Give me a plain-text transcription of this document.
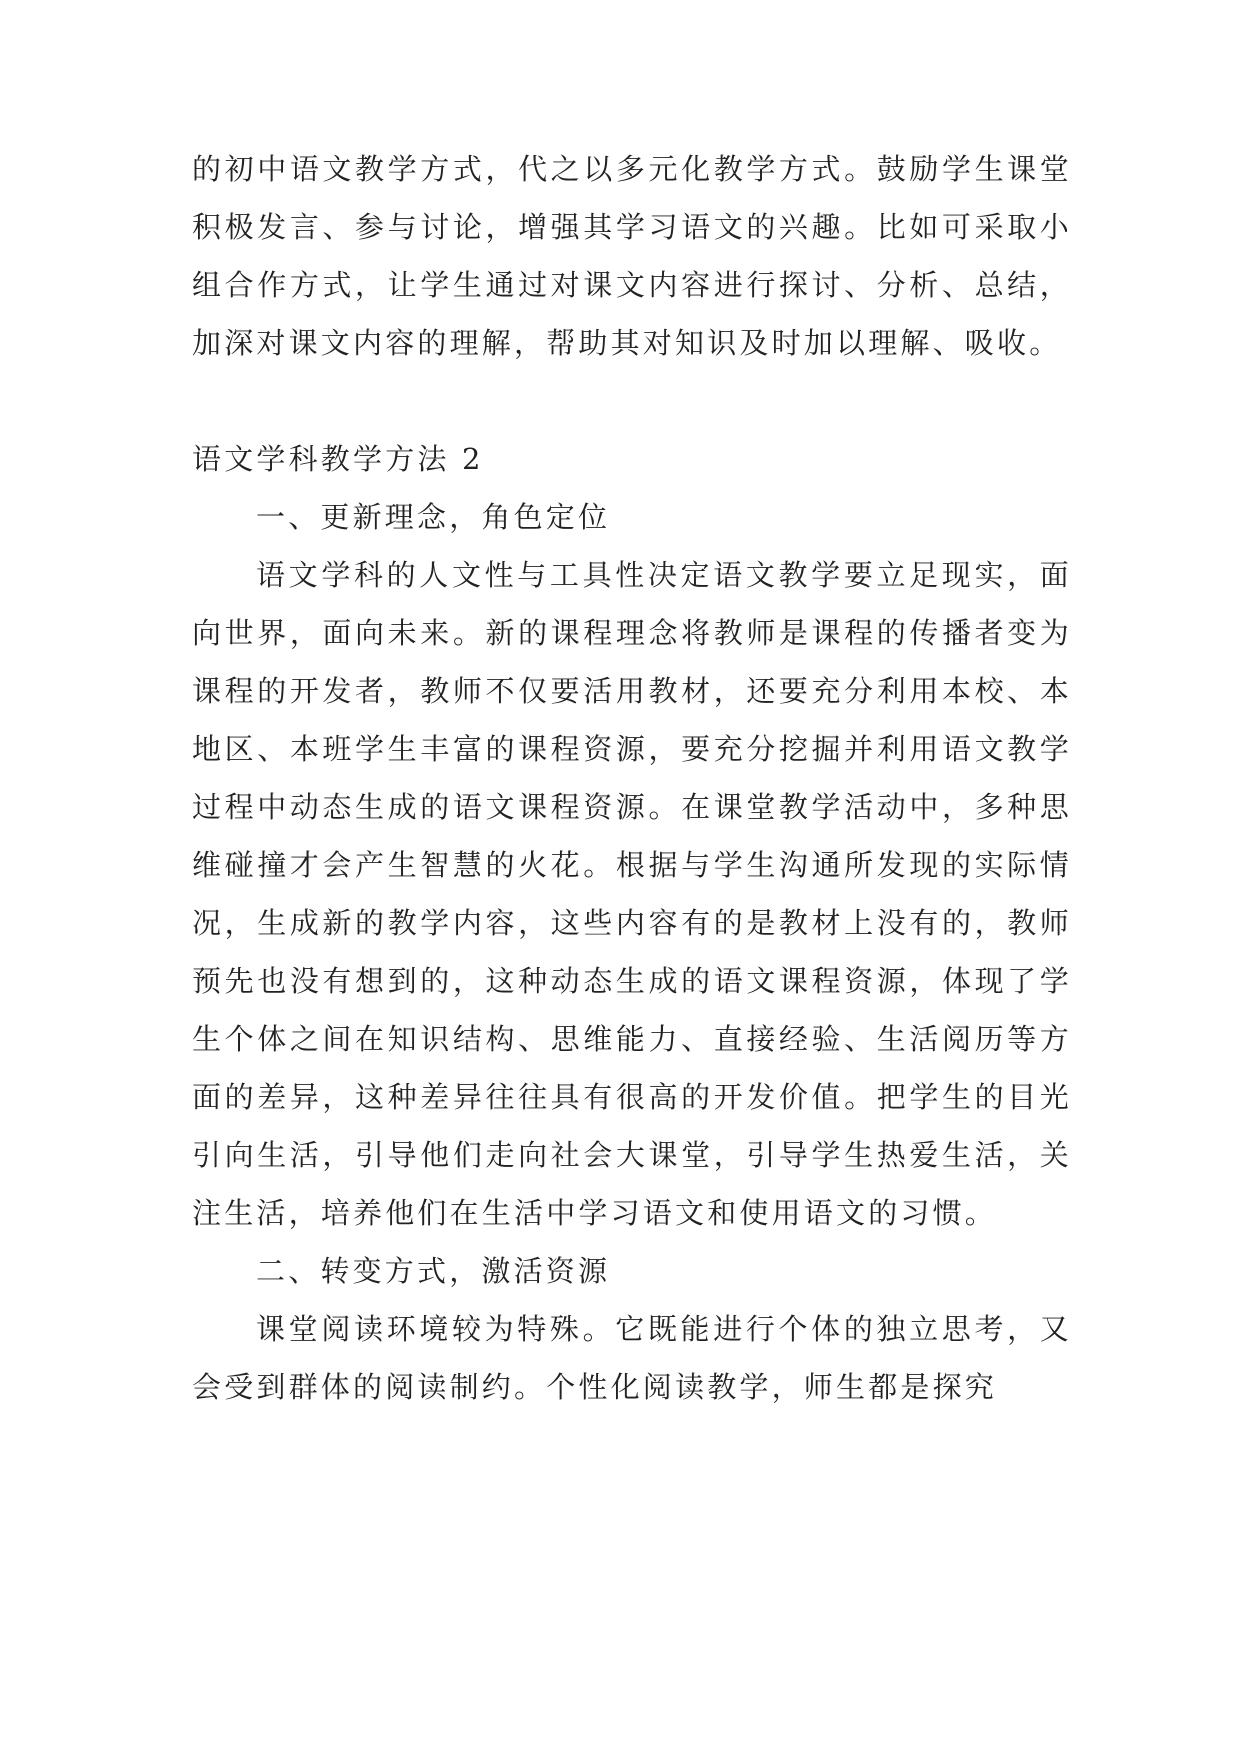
的初中语文教学方式，代之以多元化教学方式。鼓励学生课堂积极发言、参与讨论，增强其学习语文的兴趣。比如可采取小组合作方式，让学生通过对课文内容进行探讨、分析、总结，加深对课文内容的理解，帮助其对知识及时加以理解、吸收。

语文学科教学方法 2

一、更新理念，角色定位

语文学科的人文性与工具性决定语文教学要立足现实，面向世界，面向未来。新的课程理念将教师是课程的传播者变为课程的开发者，教师不仅要活用教材，还要充分利用本校、本地区、本班学生丰富的课程资源，要充分挖掘并利用语文教学过程中动态生成的语文课程资源。在课堂教学活动中，多种思维碰撞才会产生智慧的火花。根据与学生沟通所发现的实际情况，生成新的教学内容，这些内容有的是教材上没有的，教师预先也没有想到的，这种动态生成的语文课程资源，体现了学生个体之间在知识结构、思维能力、直接经验、生活阅历等方面的差异，这种差异往往具有很高的开发价值。把学生的目光引向生活，引导他们走向社会大课堂，引导学生热爱生活，关注生活，培养他们在生活中学习语文和使用语文的习惯。

二、转变方式，激活资源

课堂阅读环境较为特殊。它既能进行个体的独立思考，又会受到群体的阅读制约。个性化阅读教学，师生都是探究
